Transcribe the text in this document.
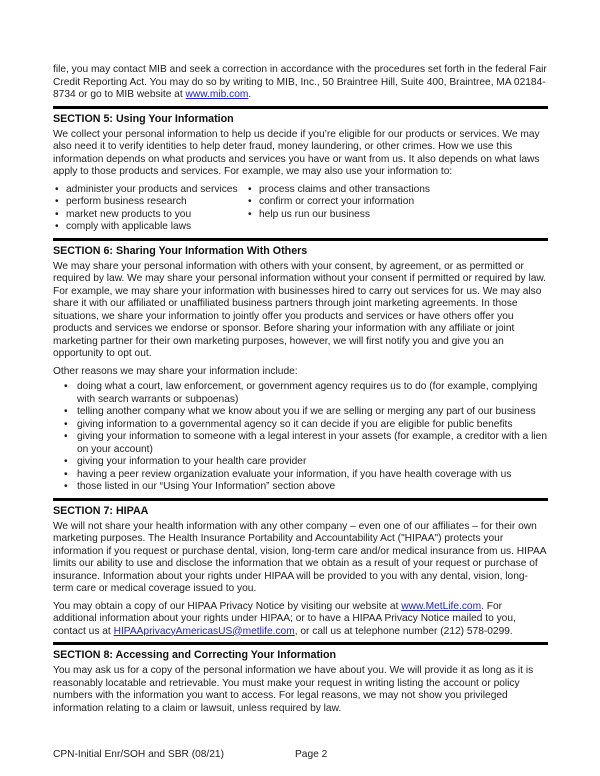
file, you may contact MIB and seek a correction in accordance with the procedures set forth in the federal Fair Credit Reporting Act. You may do so by writing to MIB, Inc., 50 Braintree Hill, Suite 400, Braintree, MA 02184-8734 or go to MIB website at www.mib.com.

SECTION 5: Using Your Information

We collect your personal information to help us decide if you’re eligible for our products or services. We may also need it to verify identities to help deter fraud, money laundering, or other crimes. How we use this information depends on what products and services you have or want from us. It also depends on what laws apply to those products and services. For example, we may also use your information to:

• administer your products and services
• perform business research
• market new products to you
• comply with applicable laws
• process claims and other transactions
• confirm or correct your information
• help us run our business
SECTION 6: Sharing Your Information With Others

We may share your personal information with others with your consent, by agreement, or as permitted or required by law. We may share your personal information without your consent if permitted or required by law. For example, we may share your information with businesses hired to carry out services for us. We may also share it with our affiliated or unaffiliated business partners through joint marketing agreements. In those situations, we share your information to jointly offer you products and services or have others offer you products and services we endorse or sponsor. Before sharing your information with any affiliate or joint marketing partner for their own marketing purposes, however, we will first notify you and give you an opportunity to opt out.

Other reasons we may share your information include:

• doing what a court, law enforcement, or government agency requires us to do (for example, complying with search warrants or subpoenas)
• telling another company what we know about you if we are selling or merging any part of our business
• giving information to a governmental agency so it can decide if you are eligible for public benefits
• giving your information to someone with a legal interest in your assets (for example, a creditor with a lien on your account)
• giving your information to your health care provider
• having a peer review organization evaluate your information, if you have health coverage with us
• those listed in our “Using Your Information” section above
SECTION 7: HIPAA

We will not share your health information with any other company – even one of our affiliates – for their own marketing purposes. The Health Insurance Portability and Accountability Act ("HIPAA") protects your information if you request or purchase dental, vision, long-term care and/or medical insurance from us. HIPAA limits our ability to use and disclose the information that we obtain as a result of your request or purchase of insurance. Information about your rights under HIPAA will be provided to you with any dental, vision, long-term care or medical coverage issued to you.

You may obtain a copy of our HIPAA Privacy Notice by visiting our website at www.MetLife.com. For additional information about your rights under HIPAA; or to have a HIPAA Privacy Notice mailed to you, contact us at HIPAAprivacyAmericasUS@metlife.com, or call us at telephone number (212) 578-0299.

SECTION 8: Accessing and Correcting Your Information

You may ask us for a copy of the personal information we have about you. We will provide it as long as it is reasonably locatable and retrievable. You must make your request in writing listing the account or policy numbers with the information you want to access. For legal reasons, we may not show you privileged information relating to a claim or lawsuit, unless required by law.

CPN-Initial Enr/SOH and SBR (08/21)	Page 2
